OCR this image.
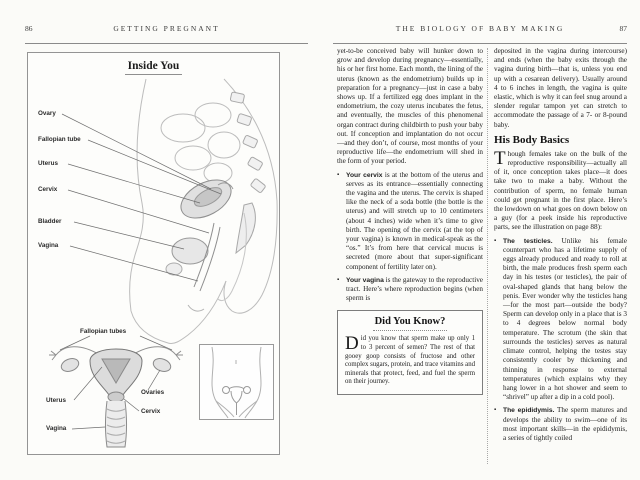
86	GETTING PREGNANT	THE BIOLOGY OF BABY MAKING	87
Inside You
Ovary
Fallopian tube
Uterus
Cervix
Bladder
Vagina
Fallopian tubes
Ovaries
Uterus
Cervix
Vagina

yet-to-be conceived baby will hunker down to grow and develop during pregnancy—essentially, his or her first home. Each month, the lining of the uterus (known as the endometrium) builds up in preparation for a pregnancy—just in case a baby shows up. If a fertilized egg does implant in the endometrium, the cozy uterus incubates the fetus, and eventually, the muscles of this phenomenal organ contract during childbirth to push your baby out. If conception and implantation do not occur—and they don’t, of course, most months of your reproductive life—the endometrium will shed in the form of your period.

▪ Your cervix is at the bottom of the uterus and serves as its entrance—essentially connecting the vagina and the uterus. The cervix is shaped like the neck of a soda bottle (the bottle is the uterus) and will stretch up to 10 centimeters (about 4 inches) wide when it’s time to give birth. The opening of the cervix (at the top of your vagina) is known in medical-speak as the “os.” It’s from here that cervical mucus is secreted (more about that super-significant component of fertility later on).
▪ Your vagina is the gateway to the reproductive tract. Here’s where reproduction begins (when sperm is
Did You Know?
Did you know that sperm make up only 1 to 3 percent of semen? The rest of that gooey goop consists of fructose and other complex sugars, protein, and trace vitamins and minerals that protect, feed, and fuel the sperm on their journey.

deposited in the vagina during intercourse) and ends (when the baby exits through the vagina during birth—that is, unless you end up with a cesarean delivery). Usually around 4 to 6 inches in length, the vagina is quite elastic, which is why it can feel snug around a slender regular tampon yet can stretch to accommodate the passage of a 7- or 8-pound baby.

His Body Basics

Though females take on the bulk of the reproductive responsibility—actually all of it, once conception takes place—it does take two to make a baby. Without the contribution of sperm, no female human could get pregnant in the first place. Here’s the lowdown on what goes on down below on a guy (for a peek inside his reproductive parts, see the illustration on page 88):

▪ The testicles. Unlike his female counterpart who has a lifetime supply of eggs already produced and ready to roll at birth, the male produces fresh sperm each day in his testes (or testicles), the pair of oval-shaped glands that hang below the penis. Ever wonder why the testicles hang—for the most part—outside the body? Sperm can develop only in a place that is 3 to 4 degrees below normal body temperature. The scrotum (the skin that surrounds the testicles) serves as natural climate control, helping the testes stay consistently cooler by thickening and thinning in response to external temperatures (which explains why they hang lower in a hot shower and seem to “shrivel” up after a dip in a cold pool).
▪ The epididymis. The sperm matures and develops the ability to swim—one of its most important skills—in the epididymis, a series of tightly coiled
